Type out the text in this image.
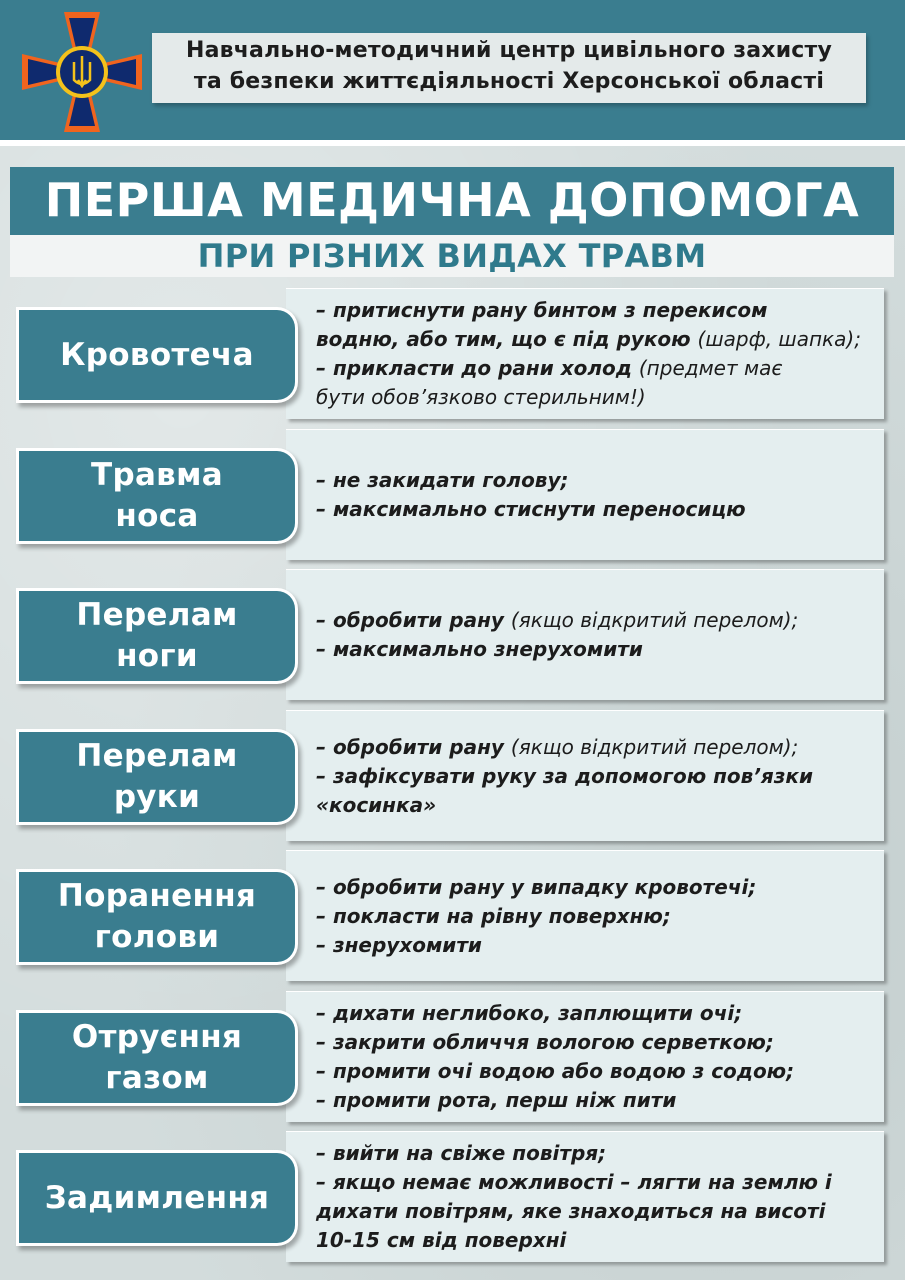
Навчально-методичний центр цивільного захисту
та безпеки життєдіяльності Херсонської області
ПЕРША МЕДИЧНА ДОПОМОГА
ПРИ РІЗНИХ ВИДАХ ТРАВМ
– притиснути рану бинтом з перекисом
водню, або тим, що є під рукою (шарф, шапка);
– прикласти до рани холод (предмет має
бути обов’язково стерильним!)
Кровотеча
– не закидати голову;
– максимально стиснути переносицю
Травма
носа
– обробити рану (якщо відкритий перелом);
– максимально знерухомити
Перелам
ноги
– обробити рану (якщо відкритий перелом);
– зафіксувати руку за допомогою пов’язки
«косинка»
Перелам
руки
– обробити рану у випадку кровотечі;
– покласти на рівну поверхню;
– знерухомити
Поранення
голови
– дихати неглибоко, заплющити очі;
– закрити обличчя вологою серветкою;
– промити очі водою або водою з содою;
– промити рота, перш ніж пити
Отруєння
газом
– вийти на свіже повітря;
– якщо немає можливості – лягти на землю і
дихати повітрям, яке знаходиться на висоті
10-15 см від поверхні
Задимлення
